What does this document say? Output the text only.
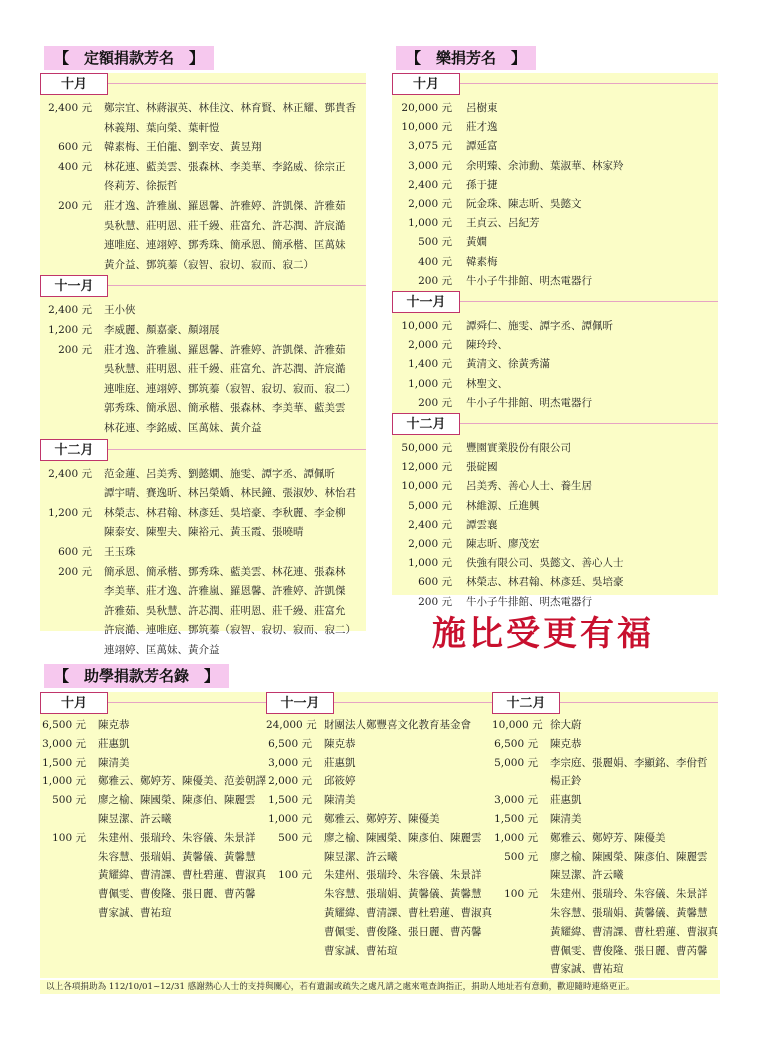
【　定額捐款芳名　】	【　樂捐芳名　】
【　助學捐款芳名錄　】
十月
2,400 元 鄭宗宜、林蔣淑英、林佳汶、林育賢、林正耀、鄧貴香
林義翔、葉向榮、葉軒愷
600 元 韓素梅、王伯龍、劉幸安、黃昱翔
400 元 林花連、藍美雲、張森林、李美華、李銘威、徐宗正
佟莉芳、徐振哲
200 元 莊才逸、許雅嵐、羅恩馨、許雅婷、許凱傑、許雅茹
吳秋慧、莊明恩、莊千縵、莊富允、許芯潤、許宸澔
連唯庭、連翊婷、鄧秀珠、簡承恩、簡承楷、匡萬妹
黃介益、鄧筑蓁（寂智、寂切、寂而、寂二）
十一月
2,400 元 王小俠
1,200 元 李威麗、顏嘉豪、顏翊展
200 元 莊才逸、許雅嵐、羅恩馨、許雅婷、許凱傑、許雅茹
吳秋慧、莊明恩、莊千縵、莊富允、許芯潤、許宸澔
連唯庭、連翊婷、鄧筑蓁（寂智、寂切、寂而、寂二）
郭秀珠、簡承恩、簡承楷、張森林、李美華、藍美雲
林花連、李銘威、匡萬妹、黃介益
十二月
2,400 元 范金蓮、呂美秀、劉懿嫺、施雯、譚字丞、譚佩昕
譚宇晴、賽逸昕、林呂榮嬌、林民鐘、張淑妙、林怡君
1,200 元 林榮志、林君翰、林彥廷、吳培豪、李秋麗、李金柳
陳泰安、陳聖夫、陳裕元、黃玉霞、張曉晴
600 元 王玉珠
200 元 簡承恩、簡承楷、鄧秀珠、藍美雲、林花連、張森林
李美華、莊才逸、許雅嵐、羅恩馨、許雅婷、許凱傑
許雅茹、吳秋慧、許芯潤、莊明恩、莊千縵、莊富允
許宸澔、連唯庭、鄧筑蓁（寂智、寂切、寂而、寂二）
連翊婷、匡萬妹、黃介益
十月
20,000 元 呂樹東
10,000 元 莊才逸
3,075 元 譚延富
3,000 元 余明臻、余沛勳、葉淑華、林家羚
2,400 元 孫于捷
2,000 元 阮金珠、陳志昕、吳懿文
1,000 元 王貞云、呂紀芳
500 元 黃嫺
400 元 韓素梅
200 元 牛小子牛排館、明杰電器行
十一月
10,000 元 譚舜仁、施雯、譚字丞、譚佩昕
2,000 元 陳玲玲、
1,400 元 黃清文、徐黃秀滿
1,000 元 林聖文、
200 元 牛小子牛排館、明杰電器行
十二月
50,000 元 豐園實業股份有限公司
12,000 元 張碇國
10,000 元 呂美秀、善心人士、養生居
5,000 元 林維源、丘進興
2,400 元 譚雲襄
2,000 元 陳志昕、廖茂宏
1,000 元 佚強有限公司、吳懿文、善心人士
600 元 林榮志、林君翰、林彥廷、吳培豪
200 元 牛小子牛排館、明杰電器行
十月
6,500 元 陳克恭
3,000 元 莊惠凱
1,500 元 陳清美
1,000 元 鄭雅云、鄭婷芳、陳優美、范姜朝譯
500 元 廖之榆、陳國榮、陳彥伯、陳麗雲
陳昱潔、許云曦
100 元 朱建州、張瑞玲、朱容儀、朱景詳
朱容慧、張瑞娟、黃馨儀、黃馨慧
黃耀緯、曹清課、曹杜碧蓮、曹淑真
曹佩雯、曹俊隆、張日麗、曹芮馨
曹家誠、曹祐瑄
十一月
24,000 元 財團法人鄭豐喜文化教育基金會
6,500 元 陳克恭
3,000 元 莊惠凱
2,000 元 邱筱婷
1,500 元 陳清美
1,000 元 鄭雅云、鄭婷芳、陳優美
500 元 廖之榆、陳國榮、陳彥伯、陳麗雲
陳昱潔、許云曦
100 元 朱建州、張瑞玲、朱容儀、朱景詳
朱容慧、張瑞娟、黃馨儀、黃馨慧
黃耀緯、曹清課、曹杜碧蓮、曹淑真
曹佩雯、曹俊隆、張日麗、曹芮馨
曹家誠、曹祐瑄
十二月
10,000 元 徐大蔚
6,500 元 陳克恭
5,000 元 李宗庭、張麗娟、李顯銘、李佾哲
楊正鈴
3,000 元 莊惠凱
1,500 元 陳清美
1,000 元 鄭雅云、鄭婷芳、陳優美
500 元 廖之榆、陳國榮、陳彥伯、陳麗雲
陳昱潔、許云曦
100 元 朱建州、張瑞玲、朱容儀、朱景詳
朱容慧、張瑞娟、黃馨儀、黃馨慧
黃耀緯、曹清課、曹杜碧蓮、曹淑真
曹佩雯、曹俊隆、張日麗、曹芮馨
曹家誠、曹祐瑄
施比受更有福
以上各項捐助為 112/10/01~12/31 感謝熱心人士的支持與關心，若有遺漏或疏失之處凡請之處來電查詢指正，捐助人地址若有意動，歡迎隨時連絡更正。
